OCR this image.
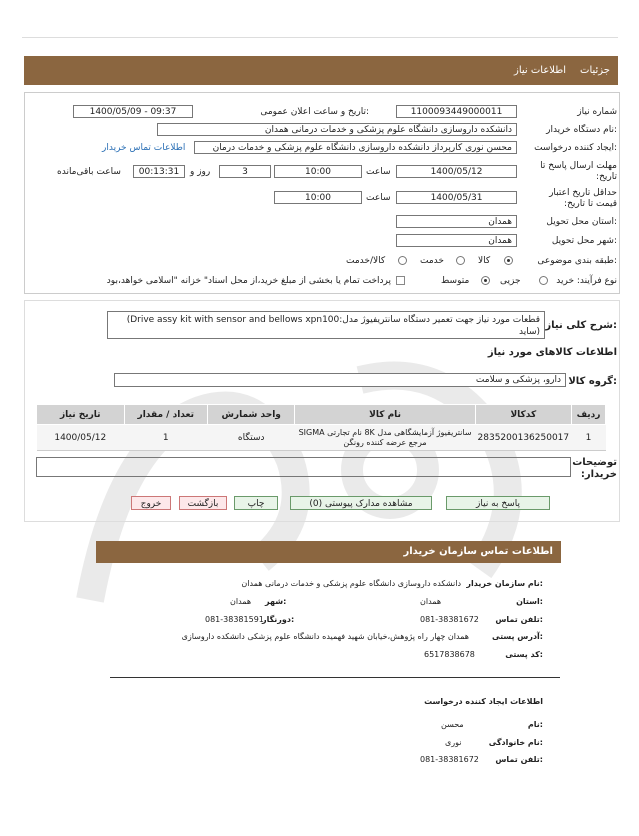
جزئیات
اطلاعات نیاز
شماره نیاز
1100093449000011
تاریخ و ساعت اعلان عمومی:
1400/05/09 - 09:37
نام دستگاه خریدار:
دانشکده داروسازی دانشگاه علوم پزشکی و خدمات درمانی همدان
ایجاد کننده درخواست:
محسن نوری کارپرداز دانشکده داروسازی دانشگاه علوم پزشکی و خدمات درمان
اطلاعات تماس خریدار
مهلت ارسال پاسخ تا تاریخ:
1400/05/12
ساعت
10:00
3
روز و
00:13:31
ساعت باقی‌مانده
حداقل تاریخ اعتبار قیمت تا تاریخ:
1400/05/31
ساعت
10:00
استان محل تحویل:
همدان
شهر محل تحویل:
همدان
طبقه بندی موضوعی:
کالا
خدمت
کالا/خدمت
نوع فرآیند: خرید
جزیی
متوسط
پرداخت تمام یا بخشی از مبلغ خرید،از محل اسناد" خزانه "اسلامی خواهد،بود
شرح کلی نیاز:
قطعات مورد نیاز جهت تعمیر دستگاه سانتریفیوژ مدل:Drive assy kit with sensor and bellows xpn100) (ساید
اطلاعات کالاهای مورد نیاز
گروه کالا:
دارو، پزشکی و سلامت
ردیف	کدکالا	نام کالا	واحد شمارش	تعداد / مقدار	تاریخ نیاز
1	2835200136250017	سانتریفیوژ آزمایشگاهی مدل 8K نام تجارتی SIGMA مرجع عرضه کننده رونگن	دستگاه	1	1400/05/12
توضیحات خریدار:
پاسخ به نیاز
مشاهده مدارک پیوستی (0)
چاپ
بازگشت
خروج
اطلاعات تماس سازمان خریدار
نام سازمان خریدار:
دانشکده داروسازی دانشگاه علوم پزشکی و خدمات درمانی همدان
استان:
همدان
شهر:
همدان
تلفن تماس:
081-38381672
دورنگار:
081-38381591
آدرس پستی:
همدان چهار راه پژوهش،خیابان شهید فهمیده دانشگاه علوم پزشکی دانشکده داروسازی
کد پستی:
6517838678
اطلاعات ایجاد کننده درخواست
نام:
محسن
نام خانوادگی:
نوری
تلفن تماس:
081-38381672
